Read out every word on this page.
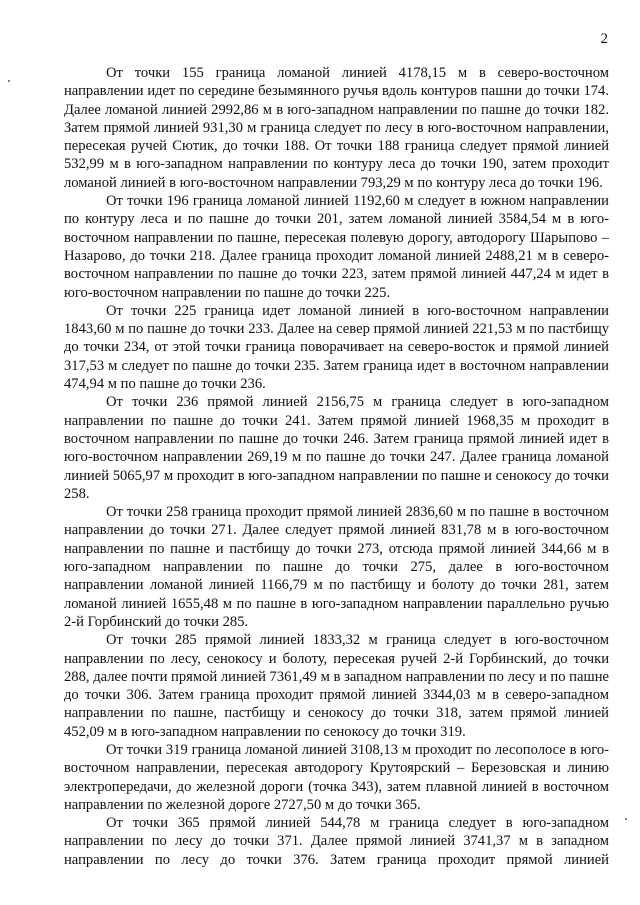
2

От точки 155 граница ломаной линией 4178,15 м в северо-восточном направлении идет по середине безымянного ручья вдоль контуров пашни до точки 174. Далее ломаной линией 2992,86 м в юго-западном направлении по пашне до точки 182. Затем прямой линией 931,30 м граница следует по лесу в юго-восточном направлении, пересекая ручей Сютик, до точки 188. От точки 188 граница следует прямой линией 532,99 м в юго-западном направлении по контуру леса до точки 190, затем проходит ломаной линией в юго-восточном направлении 793,29 м по контуру леса до точки 196.

От точки 196 граница ломаной линией 1192,60 м следует в южном направлении по контуру леса и по пашне до точки 201, затем ломаной линией 3584,54 м в юго-восточном направлении по пашне, пересекая полевую дорогу, автодорогу Шарыпово – Назарово, до точки 218. Далее граница проходит ломаной линией 2488,21 м в северо-восточном направлении по пашне до точки 223, затем прямой линией 447,24 м идет в юго-восточном направлении по пашне до точки 225.

От точки 225 граница идет ломаной линией в юго-восточном направлении 1843,60 м по пашне до точки 233. Далее на север прямой линией 221,53 м по пастбищу до точки 234, от этой точки граница поворачивает на северо-восток и прямой линией 317,53 м следует по пашне до точки 235. Затем граница идет в восточном направлении 474,94 м по пашне до точки 236.

От точки 236 прямой линией 2156,75 м граница следует в юго-западном направлении по пашне до точки 241. Затем прямой линией 1968,35 м проходит в восточном направлении по пашне до точки 246. Затем граница прямой линией идет в юго-восточном направлении 269,19 м по пашне до точки 247. Далее граница ломаной линией 5065,97 м проходит в юго-западном направлении по пашне и сенокосу до точки 258.

От точки 258 граница проходит прямой линией 2836,60 м по пашне в восточном направлении до точки 271. Далее следует прямой линией 831,78 м в юго-восточном направлении по пашне и пастбищу до точки 273, отсюда прямой линией 344,66 м в юго-западном направлении по пашне до точки 275, далее в юго-восточном направлении ломаной линией 1166,79 м по пастбищу и болоту до точки 281, затем ломаной линией 1655,48 м по пашне в юго-западном направлении параллельно ручью 2-й Горбинский до точки 285.

От точки 285 прямой линией 1833,32 м граница следует в юго-восточном направлении по лесу, сенокосу и болоту, пересекая ручей 2-й Горбинский, до точки 288, далее почти прямой линией 7361,49 м в западном направлении по лесу и по пашне до точки 306. Затем граница проходит прямой линией 3344,03 м в северо-западном направлении по пашне, пастбищу и сенокосу до точки 318, затем прямой линией 452,09 м в юго-западном направлении по сенокосу до точки 319.

От точки 319 граница ломаной линией 3108,13 м проходит по лесополосе в юго-восточном направлении, пересекая автодорогу Крутоярский – Березовская и линию электропередачи, до железной дороги (точка 343), затем плавной линией в восточном направлении по железной дороге 2727,50 м до точки 365.

От точки 365 прямой линией 544,78 м граница следует в юго-западном направлении по лесу до точки 371. Далее прямой линией 3741,37 м в западном направлении по лесу до точки 376. Затем граница проходит прямой линией
